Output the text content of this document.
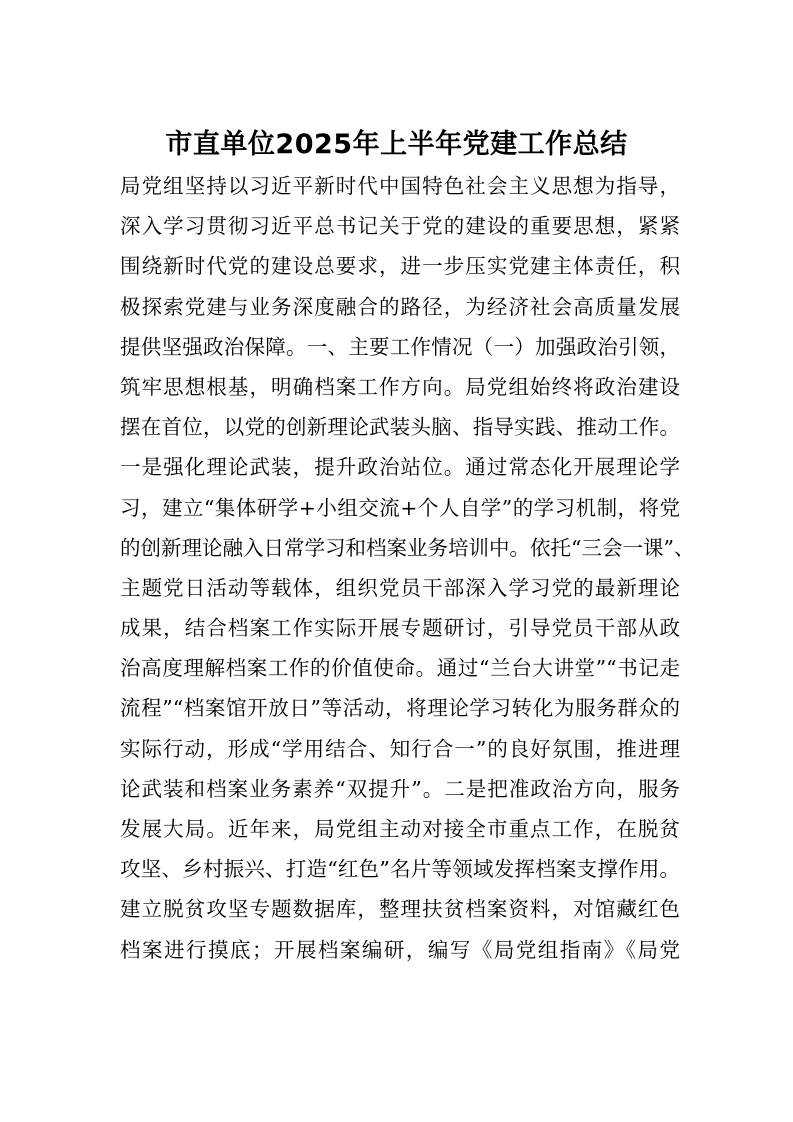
市直单位2025年上半年党建工作总结
局党组坚持以习近平新时代中国特色社会主义思想为指导，
深入学习贯彻习近平总书记关于党的建设的重要思想，紧紧
围绕新时代党的建设总要求，进一步压实党建主体责任，积
极探索党建与业务深度融合的路径，为经济社会高质量发展
提供坚强政治保障。一、主要工作情况（一）加强政治引领，
筑牢思想根基，明确档案工作方向。局党组始终将政治建设
摆在首位，以党的创新理论武装头脑、指导实践、推动工作。
一是强化理论武装，提升政治站位。通过常态化开展理论学
习，建立“集体研学+小组交流+个人自学”的学习机制，将党
的创新理论融入日常学习和档案业务培训中。依托“三会一课”、
主题党日活动等载体，组织党员干部深入学习党的最新理论
成果，结合档案工作实际开展专题研讨，引导党员干部从政
治高度理解档案工作的价值使命。通过“兰台大讲堂”“书记走
流程”“档案馆开放日”等活动，将理论学习转化为服务群众的
实际行动，形成“学用结合、知行合一”的良好氛围，推进理
论武装和档案业务素养“双提升”。二是把准政治方向，服务
发展大局。近年来，局党组主动对接全市重点工作，在脱贫
攻坚、乡村振兴、打造“红色”名片等领域发挥档案支撑作用。
建立脱贫攻坚专题数据库，整理扶贫档案资料，对馆藏红色
档案进行摸底；开展档案编研，编写《局党组指南》《局党
